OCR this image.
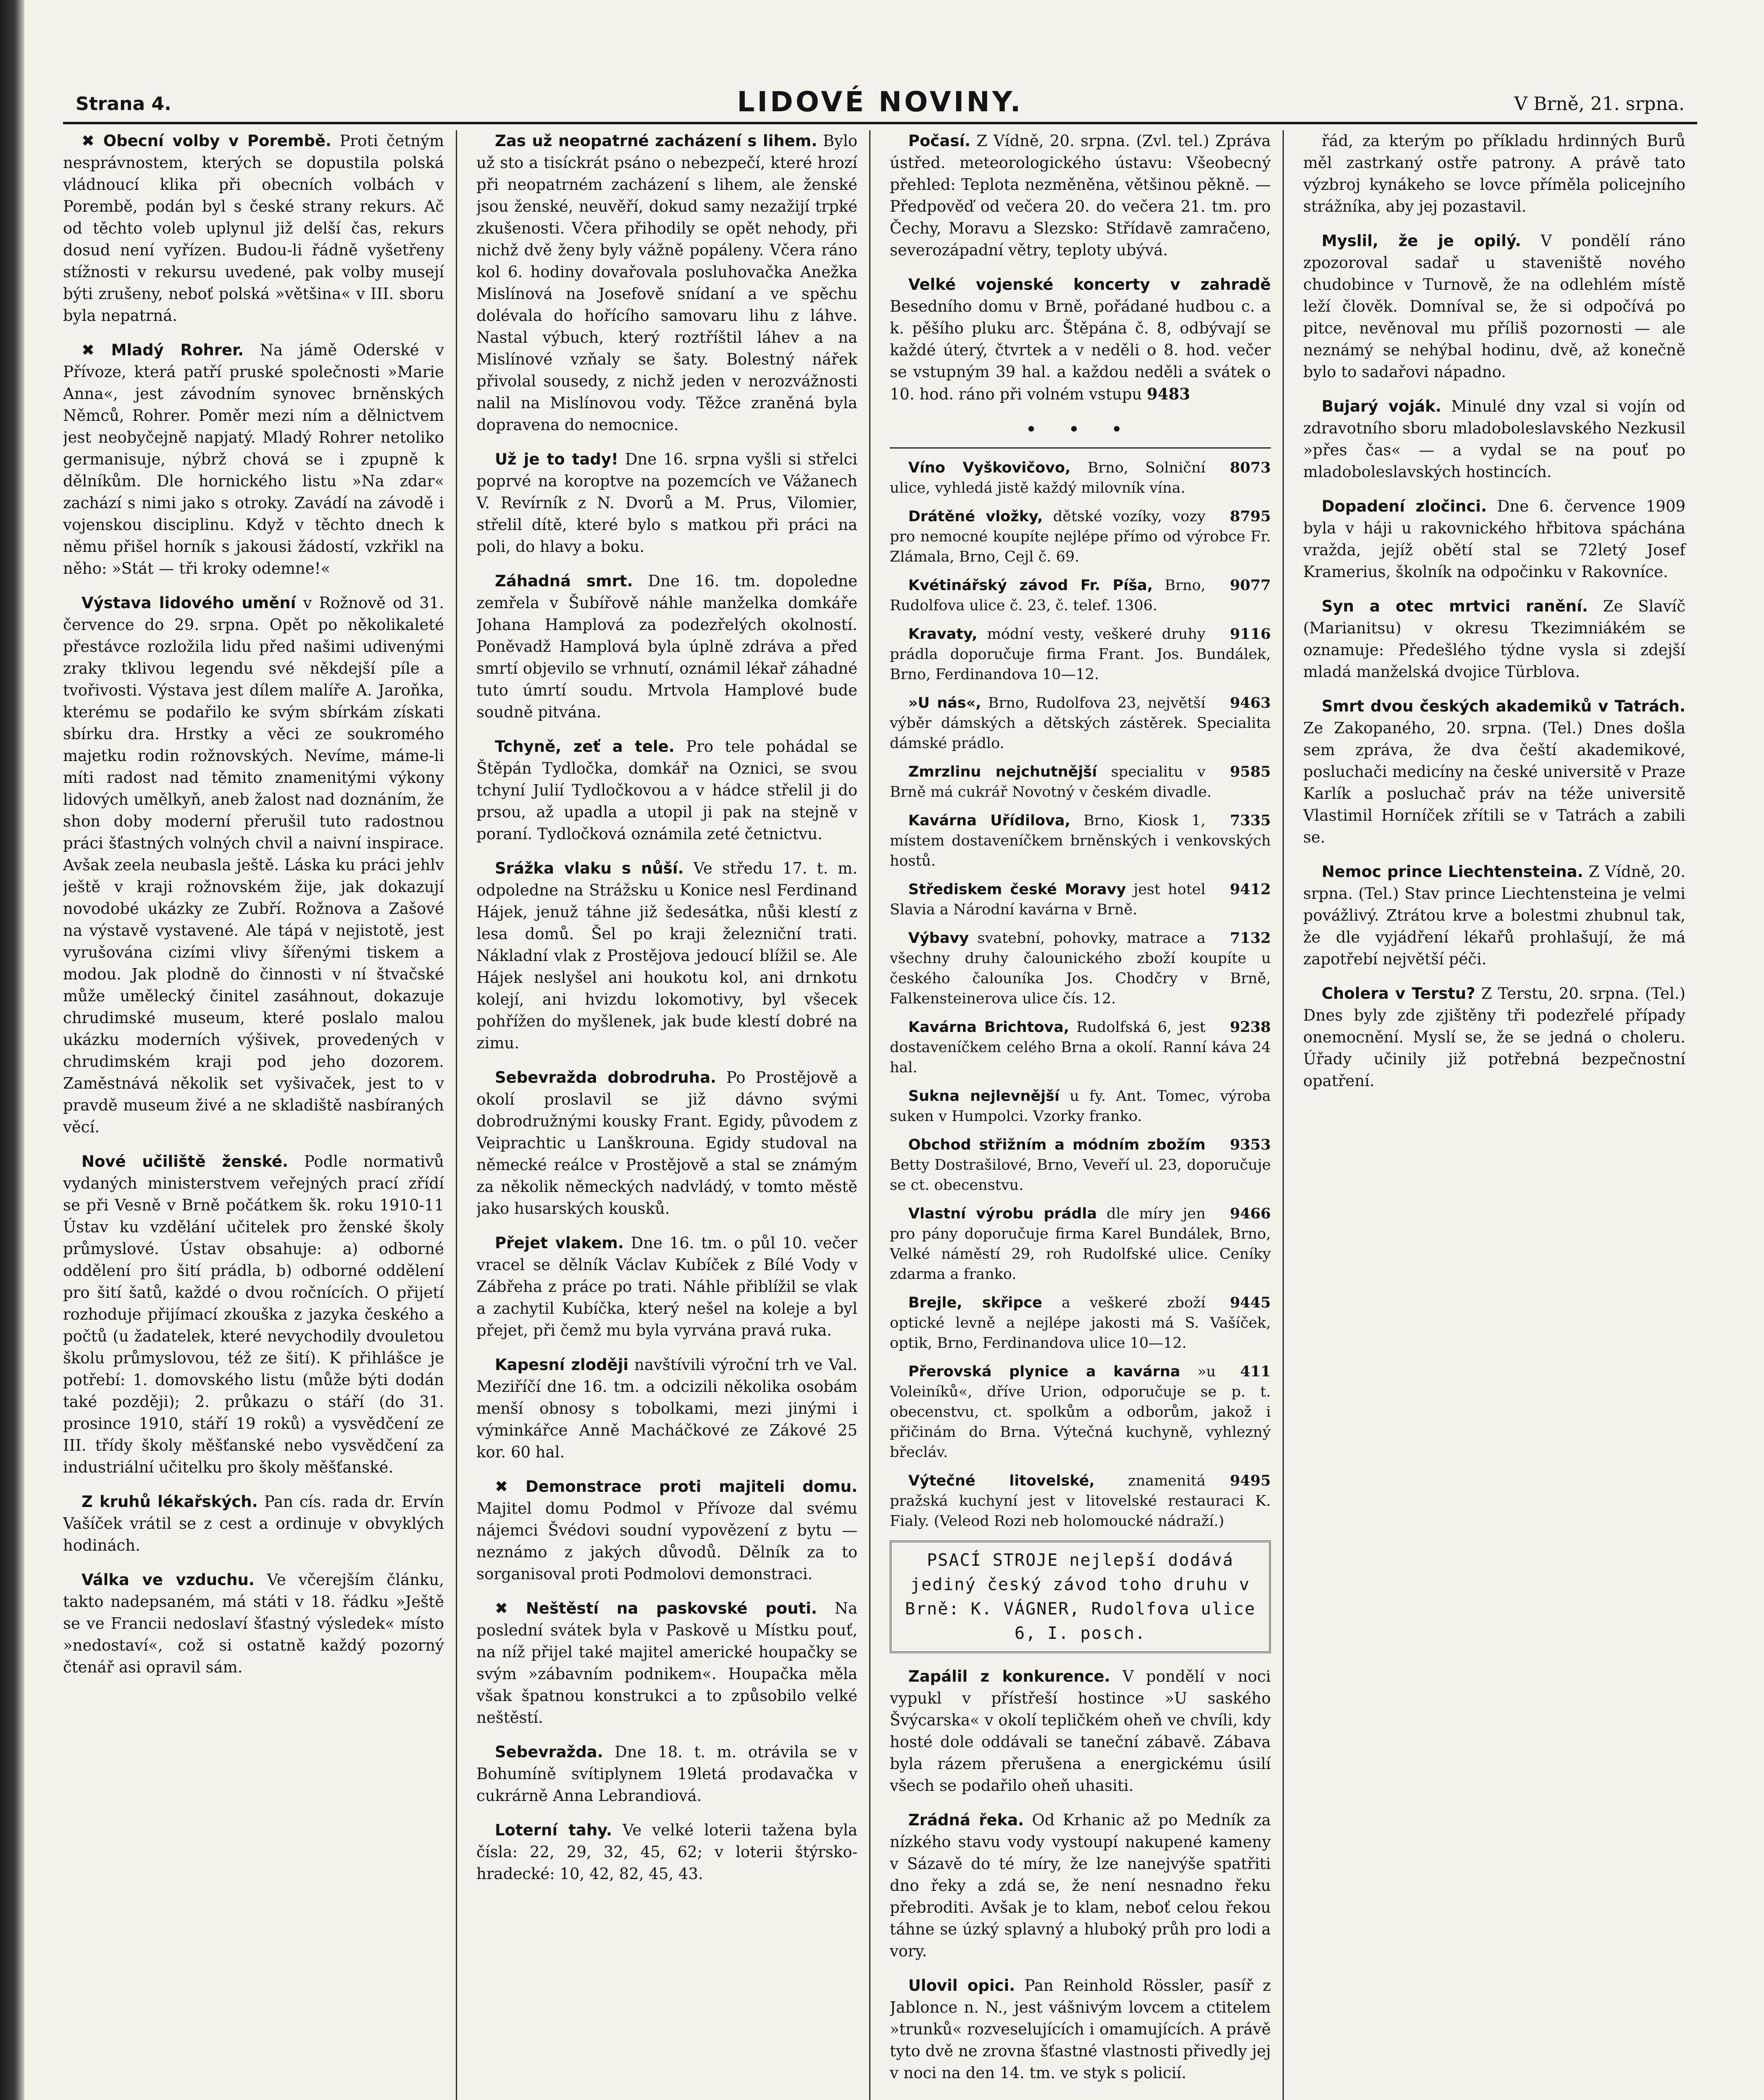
Strana 4.	LIDOVÉ NOVINY.	V Brně, 21. srpna.

✖ Obecní volby v Porembě. Proti četným nesprávnostem, kterých se dopustila polská vládnoucí klika při obecních volbách v Porembě, podán byl s české strany rekurs. Ač od těchto voleb uplynul již delší čas, rekurs dosud není vyřízen. Budou-li řádně vyšetřeny stížnosti v rekursu uvedené, pak volby musejí býti zrušeny, neboť polská »většina« v III. sboru byla nepatrná.

✖ Mladý Rohrer. Na jámě Oderské v Přívoze, která patří pruské společnosti »Marie Anna«, jest závodním synovec brněnských Němců, Rohrer. Poměr mezi ním a dělnictvem jest neobyčejně napjatý. Mladý Rohrer netoliko germanisuje, nýbrž chová se i zpupně k dělníkům. Dle hornického listu »Na zdar« zachází s nimi jako s otroky. Zavádí na závodě i vojenskou disciplinu. Když v těchto dnech k němu přišel horník s jakousi žádostí, vzkřikl na něho: »Stát — tři kroky odemne!«

Výstava lidového umění v Rožnově od 31. července do 29. srpna. Opět po několikaleté přestávce rozložila lidu před našimi udivenými zraky tklivou legendu své někdejší píle a tvořivosti. Výstava jest dílem malíře A. Jaroňka, kterému se podařilo ke svým sbírkám získati sbírku dra. Hrstky a věci ze soukromého majetku rodin rožnovských. Nevíme, máme-li míti radost nad těmito znamenitými výkony lidových umělkyň, aneb žalost nad doznáním, že shon doby moderní přerušil tuto radostnou práci šťastných volných chvil a naivní inspirace. Avšak zeela neubasla ještě. Láska ku práci jehlv ještě v kraji rožnovském žije, jak dokazují novodobé ukázky ze Zubří. Rožnova a Zašové na výstavě vystavené. Ale tápá v nejistotě, jest vyrušována cizími vlivy šířenými tiskem a modou. Jak plodně do činnosti v ní štvačské může umělecký činitel zasáhnout, dokazuje chrudimské museum, které poslalo malou ukázku moderních výšivek, provedených v chrudimském kraji pod jeho dozorem. Zaměstnává několik set vyšivaček, jest to v pravdě museum živé a ne skladiště nasbíraných věcí.

Nové učiliště ženské. Podle normativů vydaných ministerstvem veřejných prací zřídí se při Vesně v Brně počátkem šk. roku 1910-11 Ústav ku vzdělání učitelek pro ženské školy průmyslové. Ústav obsahuje: a) odborné oddělení pro šití prádla, b) odborné oddělení pro šití šatů, každé o dvou ročnících. O přijetí rozhoduje přijímací zkouška z jazyka českého a počtů (u žadatelek, které nevychodily dvouletou školu průmyslovou, též ze šití). K přihlášce je potřebí: 1. domovského listu (může býti dodán také později); 2. průkazu o stáří (do 31. prosince 1910, stáří 19 roků) a vysvědčení ze III. třídy školy měšťanské nebo vysvědčení za industriální učitelku pro školy měšťanské.

Z kruhů lékařských. Pan cís. rada dr. Ervín Vašíček vrátil se z cest a ordinuje v obvyklých hodinách.

Válka ve vzduchu. Ve včerejším článku, takto nadepsaném, má státi v 18. řádku »Ještě se ve Francii nedoslaví šťastný výsledek« místo »nedostaví«, což si ostatně každý pozorný čtenář asi opravil sám.

Zas už neopatrné zacházení s lihem. Bylo už sto a tisíckrát psáno o nebezpečí, které hrozí při neopatrném zacházení s lihem, ale ženské jsou ženské, neuvěří, dokud samy nezažijí trpké zkušenosti. Včera přihodily se opět nehody, při nichž dvě ženy byly vážně popáleny. Včera ráno kol 6. hodiny dovařovala posluhovačka Anežka Mislínová na Josefově snídaní a ve spěchu dolévala do hořícího samovaru lihu z láhve. Nastal výbuch, který roztříštil láhev a na Mislínové vzňaly se šaty. Bolestný nářek přivolal sousedy, z nichž jeden v nerozvážnosti nalil na Mislínovou vody. Těžce zraněná byla dopravena do nemocnice.

Už je to tady! Dne 16. srpna vyšli si střelci poprvé na koroptve na pozemcích ve Vážanech V. Revírník z N. Dvorů a M. Prus, Vilomier, střelil dítě, které bylo s matkou při práci na poli, do hlavy a boku.

Záhadná smrt. Dne 16. tm. dopoledne zemřela v Šubířově náhle manželka domkáře Johana Hamplová za podezřelých okolností. Poněvadž Hamplová byla úplně zdráva a před smrtí objevilo se vrhnutí, oznámil lékař záhadné tuto úmrtí soudu. Mrtvola Hamplové bude soudně pitvána.

Tchyně, zeť a tele. Pro tele pohádal se Štěpán Tydločka, domkář na Oznici, se svou tchyní Julií Tydločkovou a v hádce střelil ji do prsou, až upadla a utopil ji pak na stejně v poraní. Tydločková oznámila zeté četnictvu.

Srážka vlaku s nůší. Ve středu 17. t. m. odpoledne na Strážsku u Konice nesl Ferdinand Hájek, jenuž táhne již šedesátka, nůši klestí z lesa domů. Šel po kraji železniční trati. Nákladní vlak z Prostějova jedoucí blížil se. Ale Hájek neslyšel ani houkotu kol, ani drnkotu kolejí, ani hvizdu lokomotivy, byl všecek pohřížen do myšlenek, jak bude klestí dobré na zimu.

Sebevražda dobrodruha. Po Prostějově a okolí proslavil se již dávno svými dobrodružnými kousky Frant. Egidy, původem z Veiprachtic u Lanškrouna. Egidy studoval na německé reálce v Prostějově a stal se známým za několik německých nadvládý, v tomto městě jako husarských kousků.

Přejet vlakem. Dne 16. tm. o půl 10. večer vracel se dělník Václav Kubíček z Bílé Vody v Zábřeha z práce po trati. Náhle přiblížil se vlak a zachytil Kubíčka, který nešel na koleje a byl přejet, při čemž mu byla vyrvána pravá ruka.

Kapesní zloději navštívili výroční trh ve Val. Meziříčí dne 16. tm. a odcizili několika osobám menší obnosy s tobolkami, mezi jinými i výminkářce Anně Macháčkové ze Zákové 25 kor. 60 hal.

✖ Demonstrace proti majiteli domu. Majitel domu Podmol v Přívoze dal svému nájemci Švédovi soudní vypovězení z bytu — neznámo z jakých důvodů. Dělník za to sorganisoval proti Podmolovi demonstraci.

✖ Neštěstí na paskovské pouti. Na poslední svátek byla v Paskově u Místku pouť, na níž přijel také majitel americké houpačky se svým »zábavním podnikem«. Houpačka měla však špatnou konstrukci a to způsobilo velké neštěstí.

Sebevražda. Dne 18. t. m. otrávila se v Bohumíně svítiplynem 19letá prodavačka v cukrárně Anna Lebrandiová.

Loterní tahy. Ve velké loterii tažena byla čísla: 22, 29, 32, 45, 62; v loterii štýrsko-hradecké: 10, 42, 82, 45, 43.

Počasí. Z Vídně, 20. srpna. (Zvl. tel.) Zpráva ústřed. meteorologického ústavu: Všeobecný přehled: Teplota nezměněna, většinou pěkně. — Předpověď od večera 20. do večera 21. tm. pro Čechy, Moravu a Slezsko: Střídavě zamračeno, severozápadní větry, teploty ubývá.

Velké vojenské koncerty v zahradě Besedního domu v Brně, pořádané hudbou c. a k. pěšího pluku arc. Štěpána č. 8, odbývají se každé úterý, čtvrtek a v neděli o 8. hod. večer se vstupným 39 hal. a každou neděli a svátek o 10. hod. ráno při volném vstupu 9483

• • •

8073
Víno Vyškovičovo, Brno, Solniční ulice, vyhledá jistě každý milovník vína.

8795
Drátěné vložky, dětské vozíky, vozy pro nemocné koupíte nejlépe přímo od výrobce Fr. Zlámala, Brno, Cejl č. 69.

9077
Kvétinářský závod Fr. Píša, Brno, Rudolfova ulice č. 23, č. telef. 1306.

9116
Kravaty, módní vesty, veškeré druhy prádla doporučuje firma Frant. Jos. Bundálek, Brno, Ferdinandova 10—12.

9463
»U nás«, Brno, Rudolfova 23, největší výběr dámských a dětských zástěrek. Specialita dámské prádlo.

9585
Zmrzlinu nejchutnější specialitu v Brně má cukrář Novotný v českém divadle.

7335
Kavárna Uřídilova, Brno, Kiosk 1, místem dostaveníčkem brněnských i venkovských hostů.

9412
Střediskem české Moravy jest hotel Slavia a Národní kavárna v Brně.

7132
Výbavy svatební, pohovky, matrace a všechny druhy čalounického zboží koupíte u českého čalouníka Jos. Chodčry v Brně, Falkensteinerova ulice čís. 12.

9238
Kavárna Brichtova, Rudolfská 6, jest dostaveníčkem celého Brna a okolí. Ranní káva 24 hal.

Sukna nejlevnější u fy. Ant. Tomec, výroba suken v Humpolci. Vzorky franko.

9353
Obchod střižním a módním zbožím Betty Dostrašilové, Brno, Veveří ul. 23, doporučuje se ct. obecenstvu.

9466
Vlastní výrobu prádla dle míry jen pro pány doporučuje firma Karel Bundálek, Brno, Velké náměstí 29, roh Rudolfské ulice. Ceníky zdarma a franko.

9445
Brejle, skřipce a veškeré zboží optické levně a nejlépe jakosti má S. Vašíček, optik, Brno, Ferdinandova ulice 10—12.

411
Přerovská plynice a kavárna »u Voleiníků«, dříve Urion, odporučuje se p. t. obecenstvu, ct. spolkům a odborům, jakož i přičinám do Brna. Výtečná kuchyně, vyhlezný břecláv.

9495
Výtečné litovelské, znamenitá pražská kuchyní jest v litovelské restauraci K. Fialy. (Veleod Rozi neb holomoucké nádraží.)

PSACÍ STROJE nejlepší dodává jediný český závod toho druhu v Brně: K. VÁGNER, Rudolfova ulice 6, I. posch.

Zapálil z konkurence. V pondělí v noci vypukl v přístřeší hostince »U saského Švýcarska« v okolí tepličkém oheň ve chvíli, kdy hosté dole oddávali se taneční zábavě. Zábava byla rázem přerušena a energickému úsilí všech se podařilo oheň uhasiti.

Zrádná řeka. Od Krhanic až po Medník za nízkého stavu vody vystoupí nakupené kameny v Sázavě do té míry, že lze nanejvýše spatřiti dno řeky a zdá se, že není nesnadno řeku přebroditi. Avšak je to klam, neboť celou řekou táhne se úzký splavný a hluboký průh pro lodi a vory.

Ulovil opici. Pan Reinhold Rössler, pasíř z Jablonce n. N., jest vášnivým lovcem a ctitelem »trunků« rozveselujících i omamujících. A právě tyto dvě ne zrovna šťastné vlastnosti přivedly jej v noci na den 14. tm. ve styk s policií.

řád, za kterým po příkladu hrdinných Burů měl zastrkaný ostře patrony. A právě tato výzbroj kynákeho se lovce příměla policejního strážníka, aby jej pozastavil.

Myslil, že je opilý. V pondělí ráno zpozoroval sadař u staveniště nového chudobince v Turnově, že na odlehlém místě leží člověk. Domníval se, že si odpočívá po pitce, nevěnoval mu příliš pozornosti — ale neznámý se nehýbal hodinu, dvě, až konečně bylo to sadařovi nápadno.

Bujarý voják. Minulé dny vzal si vojín od zdravotního sboru mladoboleslavského Nezkusil »přes čas« — a vydal se na pouť po mladoboleslavských hostincích.

Dopadení zločinci. Dne 6. července 1909 byla v háji u rakovnického hřbitova spáchána vražda, jejíž obětí stal se 72letý Josef Kramerius, školník na odpočinku v Rakovníce.

Syn a otec mrtvici ranění. Ze Slavíč (Marianitsu) v okresu Tkezimniákém se oznamuje: Předešlého týdne vysla si zdejší mladá manželská dvojice Türblova.

Smrt dvou českých akademiků v Tatrách. Ze Zakopaného, 20. srpna. (Tel.) Dnes došla sem zpráva, že dva čeští akademikové, posluchači medicíny na české universitě v Praze Karlík a posluchač práv na téže universitě Vlastimil Horníček zřítili se v Tatrách a zabili se.

Nemoc prince Liechtensteina. Z Vídně, 20. srpna. (Tel.) Stav prince Liechtensteina je velmi povážlivý. Ztrátou krve a bolestmi zhubnul tak, že dle vyjádření lékařů prohlašují, že má zapotřebí největší péči.

Cholera v Terstu? Z Terstu, 20. srpna. (Tel.) Dnes byly zde zjištěny tři podezřelé případy onemocnění. Myslí se, že se jedná o choleru. Úřady učinily již potřebná bezpečnostní opatření.
